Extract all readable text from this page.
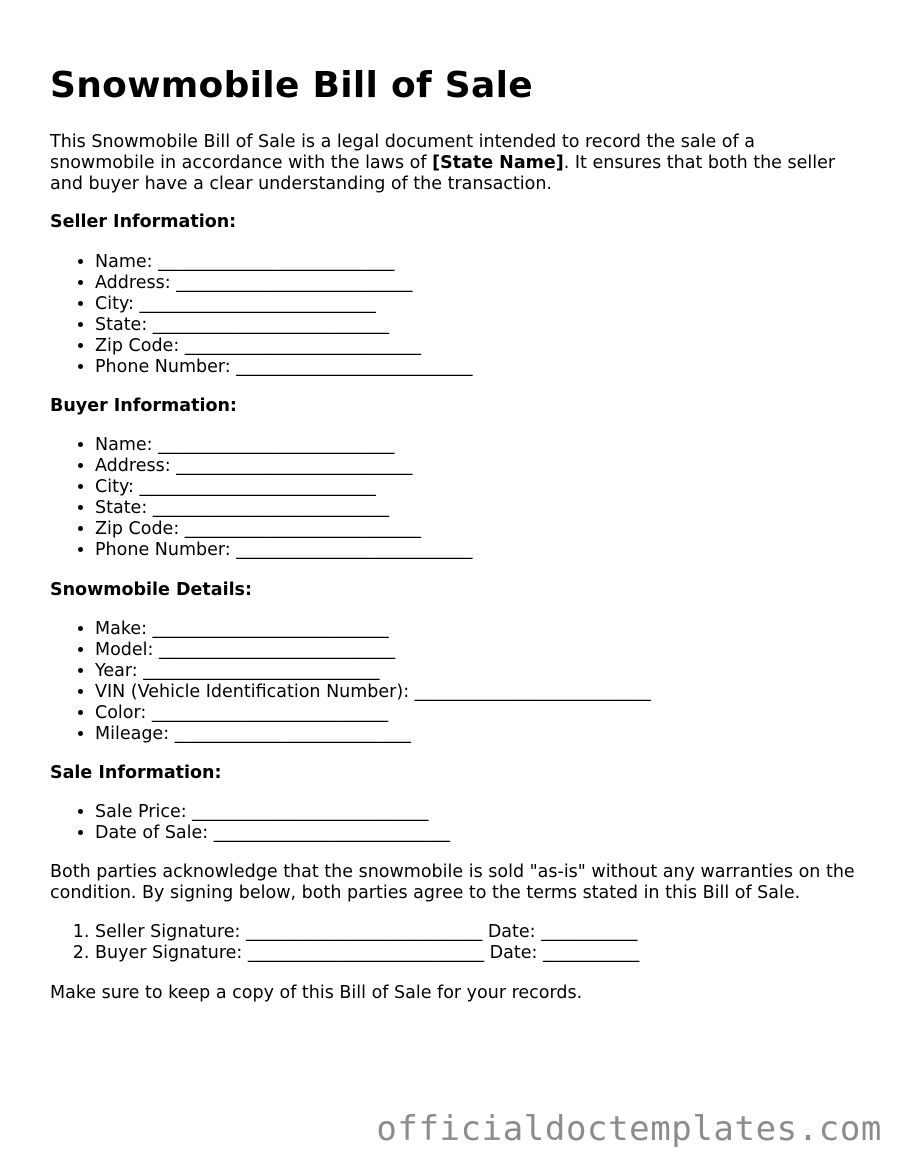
Snowmobile Bill of Sale

This Snowmobile Bill of Sale is a legal document intended to record the sale of a snowmobile in accordance with the laws of [State Name]. It ensures that both the seller and buyer have a clear understanding of the transaction.

Seller Information:
• Name: ___________________________
• Address: ___________________________
• City: ___________________________
• State: ___________________________
• Zip Code: ___________________________
• Phone Number: ___________________________
Buyer Information:
• Name: ___________________________
• Address: ___________________________
• City: ___________________________
• State: ___________________________
• Zip Code: ___________________________
• Phone Number: ___________________________
Snowmobile Details:
• Make: ___________________________
• Model: ___________________________
• Year: ___________________________
• VIN (Vehicle Identification Number): ___________________________
• Color: ___________________________
• Mileage: ___________________________
Sale Information:
• Sale Price: ___________________________
• Date of Sale: ___________________________

Both parties acknowledge that the snowmobile is sold "as-is" without any warranties on the condition. By signing below, both parties agree to the terms stated in this Bill of Sale.

1. Seller Signature: ___________________________ Date: ___________
2. Buyer Signature: ___________________________ Date: ___________

Make sure to keep a copy of this Bill of Sale for your records.

officialdoctemplates.com
